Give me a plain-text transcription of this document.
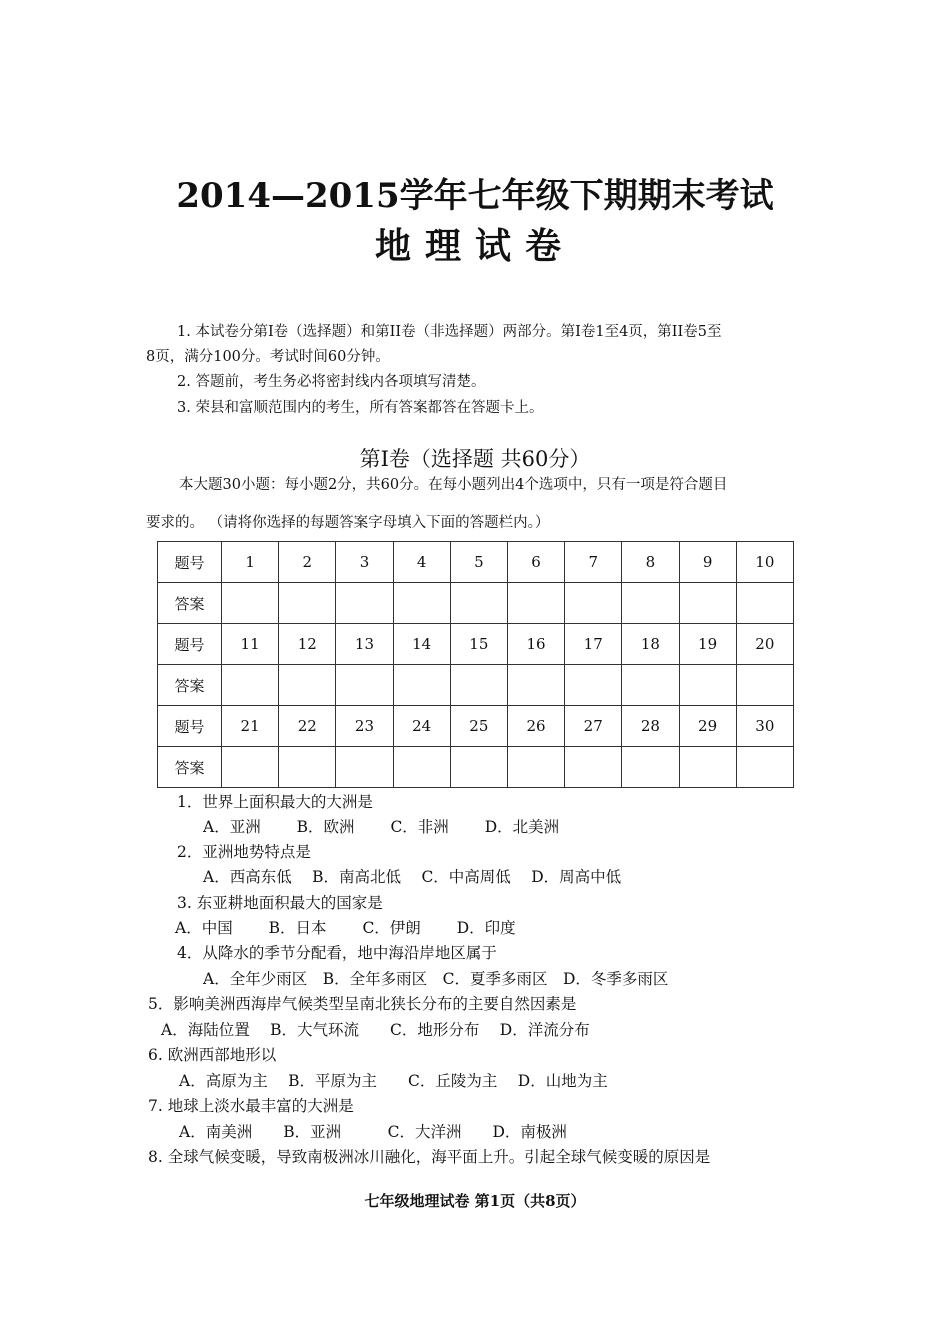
2014—2015学年七年级下期期末考试
地理试卷
1. 本试卷分第I卷（选择题）和第II卷（非选择题）两部分。第I卷1至4页，第II卷5至
8页，满分100分。考试时间60分钟。
2. 答题前，考生务必将密封线内各项填写清楚。
3. 荣县和富顺范围内的考生，所有答案都答在答题卡上。
第I卷（选择题 共60分）
本大题30小题：每小题2分，共60分。在每小题列出4个选项中，只有一项是符合题目
要求的。 （请将你选择的每题答案字母填入下面的答题栏内。）
题号	1	2	3	4	5	6	7	8	9	10
答案										
题号	11	12	13	14	15	16	17	18	19	20
答案										
题号	21	22	23	24	25	26	27	28	29	30
答案										
1．世界上面积最大的大洲是
A．亚洲　　 B．欧洲　　 C．非洲　　 D．北美洲
2．亚洲地势特点是
A．西高东低　 B．南高北低　 C．中高周低　 D．周高中低
3. 东亚耕地面积最大的国家是
A．中国　　 B．日本　　 C．伊朗　　 D．印度
4．从降水的季节分配看，地中海沿岸地区属于
A．全年少雨区　B．全年多雨区　C．夏季多雨区　D．冬季多雨区
5．影响美洲西海岸气候类型呈南北狭长分布的主要自然因素是
A．海陆位置　 B．大气环流　　C．地形分布　 D．洋流分布
6. 欧洲西部地形以
A．高原为主　 B．平原为主　　C．丘陵为主　 D．山地为主
7. 地球上淡水最丰富的大洲是
A．南美洲　　B．亚洲　　　C．大洋洲　　D．南极洲
8. 全球气候变暖，导致南极洲冰川融化，海平面上升。引起全球气候变暖的原因是
七年级地理试卷 第1页（共8页）
